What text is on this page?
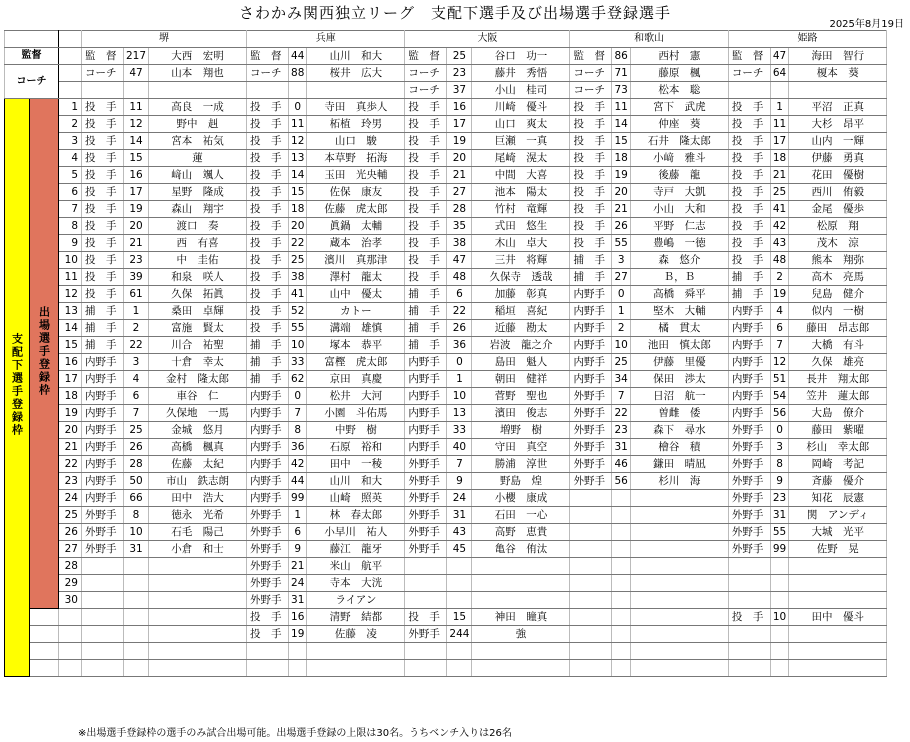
さわかみ関西独立リーグ　支配下選手及び出場選手登録選手
2025年8月19日
			堺			兵庫			大阪			和歌山			姫路		
監督			監　督	217	大西　宏明	監　督	44	山川　和大	監　督	25	谷口　功一	監　督	86	西村　憲	監　督	47	海田　智行
コーチ			コーチ	47	山本　翔也	コーチ	88	桜井　広大	コーチ	23	藤井　秀悟	コーチ	71	藤原　楓	コーチ	64	榎本　葵
									コーチ	37	小山　桂司	コーチ	73	松本　聡			
支配下選手登録枠	出場選手登録枠	1	投　手	11	高良　一成	投　手	0	寺田　真歩人	投　手	16	川崎　優斗	投　手	11	宮下　武虎	投　手	1	平沼　正真
		2	投　手	12	野中　赳	投　手	11	柘植　玲男	投　手	17	山口　爽太	投　手	14	仲座　葵	投　手	11	大杉　昂平
		3	投　手	14	宮本　祐気	投　手	12	山口　駿	投　手	19	巨瀬　一真	投　手	15	石井　隆太郎	投　手	17	山内　一輝
		4	投　手	15	蓮	投　手	13	本草野　拓海	投　手	20	尾崎　滉太	投　手	18	小﨑　雅斗	投　手	18	伊藤　勇真
		5	投　手	16	﨑山　颯人	投　手	14	玉田　光央輔	投　手	21	中間　大喜	投　手	19	後藤　龍	投　手	21	花田　優樹
		6	投　手	17	星野　隆成	投　手	15	佐保　康友	投　手	27	池本　陽太	投　手	20	寺戸　大凱	投　手	25	西川　侑毅
		7	投　手	19	森山　翔宇	投　手	18	佐藤　虎太郎	投　手	28	竹村　竜輝	投　手	21	小山　大和	投　手	41	金尾　優歩
		8	投　手	20	渡口　奏	投　手	20	眞鍋　太輔	投　手	35	式田　悠生	投　手	26	平野　仁志	投　手	42	松原　翔
		9	投　手	21	西　有喜	投　手	22	蔵本　治孝	投　手	38	木山　卓大	投　手	55	豊嶋　一徳	投　手	43	茂木　涼
		10	投　手	23	中　圭佑	投　手	25	濱川　真那津	投　手	47	三井　将輝	捕　手	3	森　悠介	投　手	48	熊本　翔弥
		11	投　手	39	和泉　咲人	投　手	38	澤村　龍太	投　手	48	久保寺　透哉	捕　手	27	Ｂ，Ｂ	捕　手	2	高木　亮馬
		12	投　手	61	久保　拓眞	投　手	41	山中　優太	捕　手	6	加藤　彰真	内野手	0	高橋　舜平	捕　手	19	兒島　健介
		13	捕　手	1	桑田　卓輝	投　手	52	カトー	捕　手	22	稲垣　喜紀	内野手	1	堅木　大輔	内野手	4	似内　一樹
		14	捕　手	2	富施　賢太	投　手	55	溝端　雄慎	捕　手	26	近藤　勘太	内野手	2	橘　貫太	内野手	6	藤田　昂志郎
		15	捕　手	22	川合　祐聖	捕　手	10	塚本　恭平	捕　手	36	岩波　龍之介	内野手	10	池田　慎太郎	内野手	7	大橋　有斗
		16	内野手	3	十倉　幸太	捕　手	33	富樫　虎太郎	内野手	0	島田　魁人	内野手	25	伊藤　里優	内野手	12	久保　雄亮
		17	内野手	4	金村　隆太郎	捕　手	62	京田　真慶	内野手	1	朝田　健祥	内野手	34	保田　渉太	内野手	51	長井　翔太郎
		18	内野手	6	車谷　仁	内野手	0	松井　大河	内野手	10	菅野　聖也	外野手	7	日沼　航一	内野手	54	笠井　蓮太郎
		19	内野手	7	久保地　一馬	内野手	7	小園　斗佑馬	内野手	13	濱田　俊志	外野手	22	曽雌　倭	内野手	56	大島　僚介
		20	内野手	25	金城　悠月	内野手	8	中野　樹	内野手	33	増野　樹	外野手	23	森下　尋水	外野手	0	藤田　紫曜
		21	内野手	26	高橋　楓真	内野手	36	石原　裕和	内野手	40	守田　真空	外野手	31	檜谷　積	外野手	3	杉山　幸太郎
		22	内野手	28	佐藤　太紀	内野手	42	田中　一稜	外野手	7	勝浦　淳世	外野手	46	鎌田　晴凪	外野手	8	岡崎　考記
		23	内野手	50	市山　鉄志朗	内野手	44	山川　和大	外野手	9	野島　煌	外野手	56	杉川　海	外野手	9	斉藤　優介
		24	内野手	66	田中　浩大	内野手	99	山崎　照英	外野手	24	小櫻　康成				外野手	23	知花　辰憲
		25	外野手	8	徳永　光希	外野手	1	林　春太郎	外野手	31	石田　一心				外野手	31	関　アンディ
		26	外野手	10	石毛　陽己	外野手	6	小早川　祐人	外野手	43	高野　恵貴				外野手	55	大城　光平
		27	外野手	31	小倉　和士	外野手	9	藤江　龍牙	外野手	45	亀谷　侑汰				外野手	99	佐野　晃
		28				外野手	21	米山　航平									
		29				外野手	24	寺本　大洸									
		30				外野手	31	ライアン									
						投　手	16	清野　結都	投　手	15	神田　瞳真				投　手	10	田中　優斗
						投　手	19	佐藤　凌	外野手	244	強						

※出場選手登録枠の選手のみ試合出場可能。出場選手登録の上限は30名。うちベンチ入りは26名
